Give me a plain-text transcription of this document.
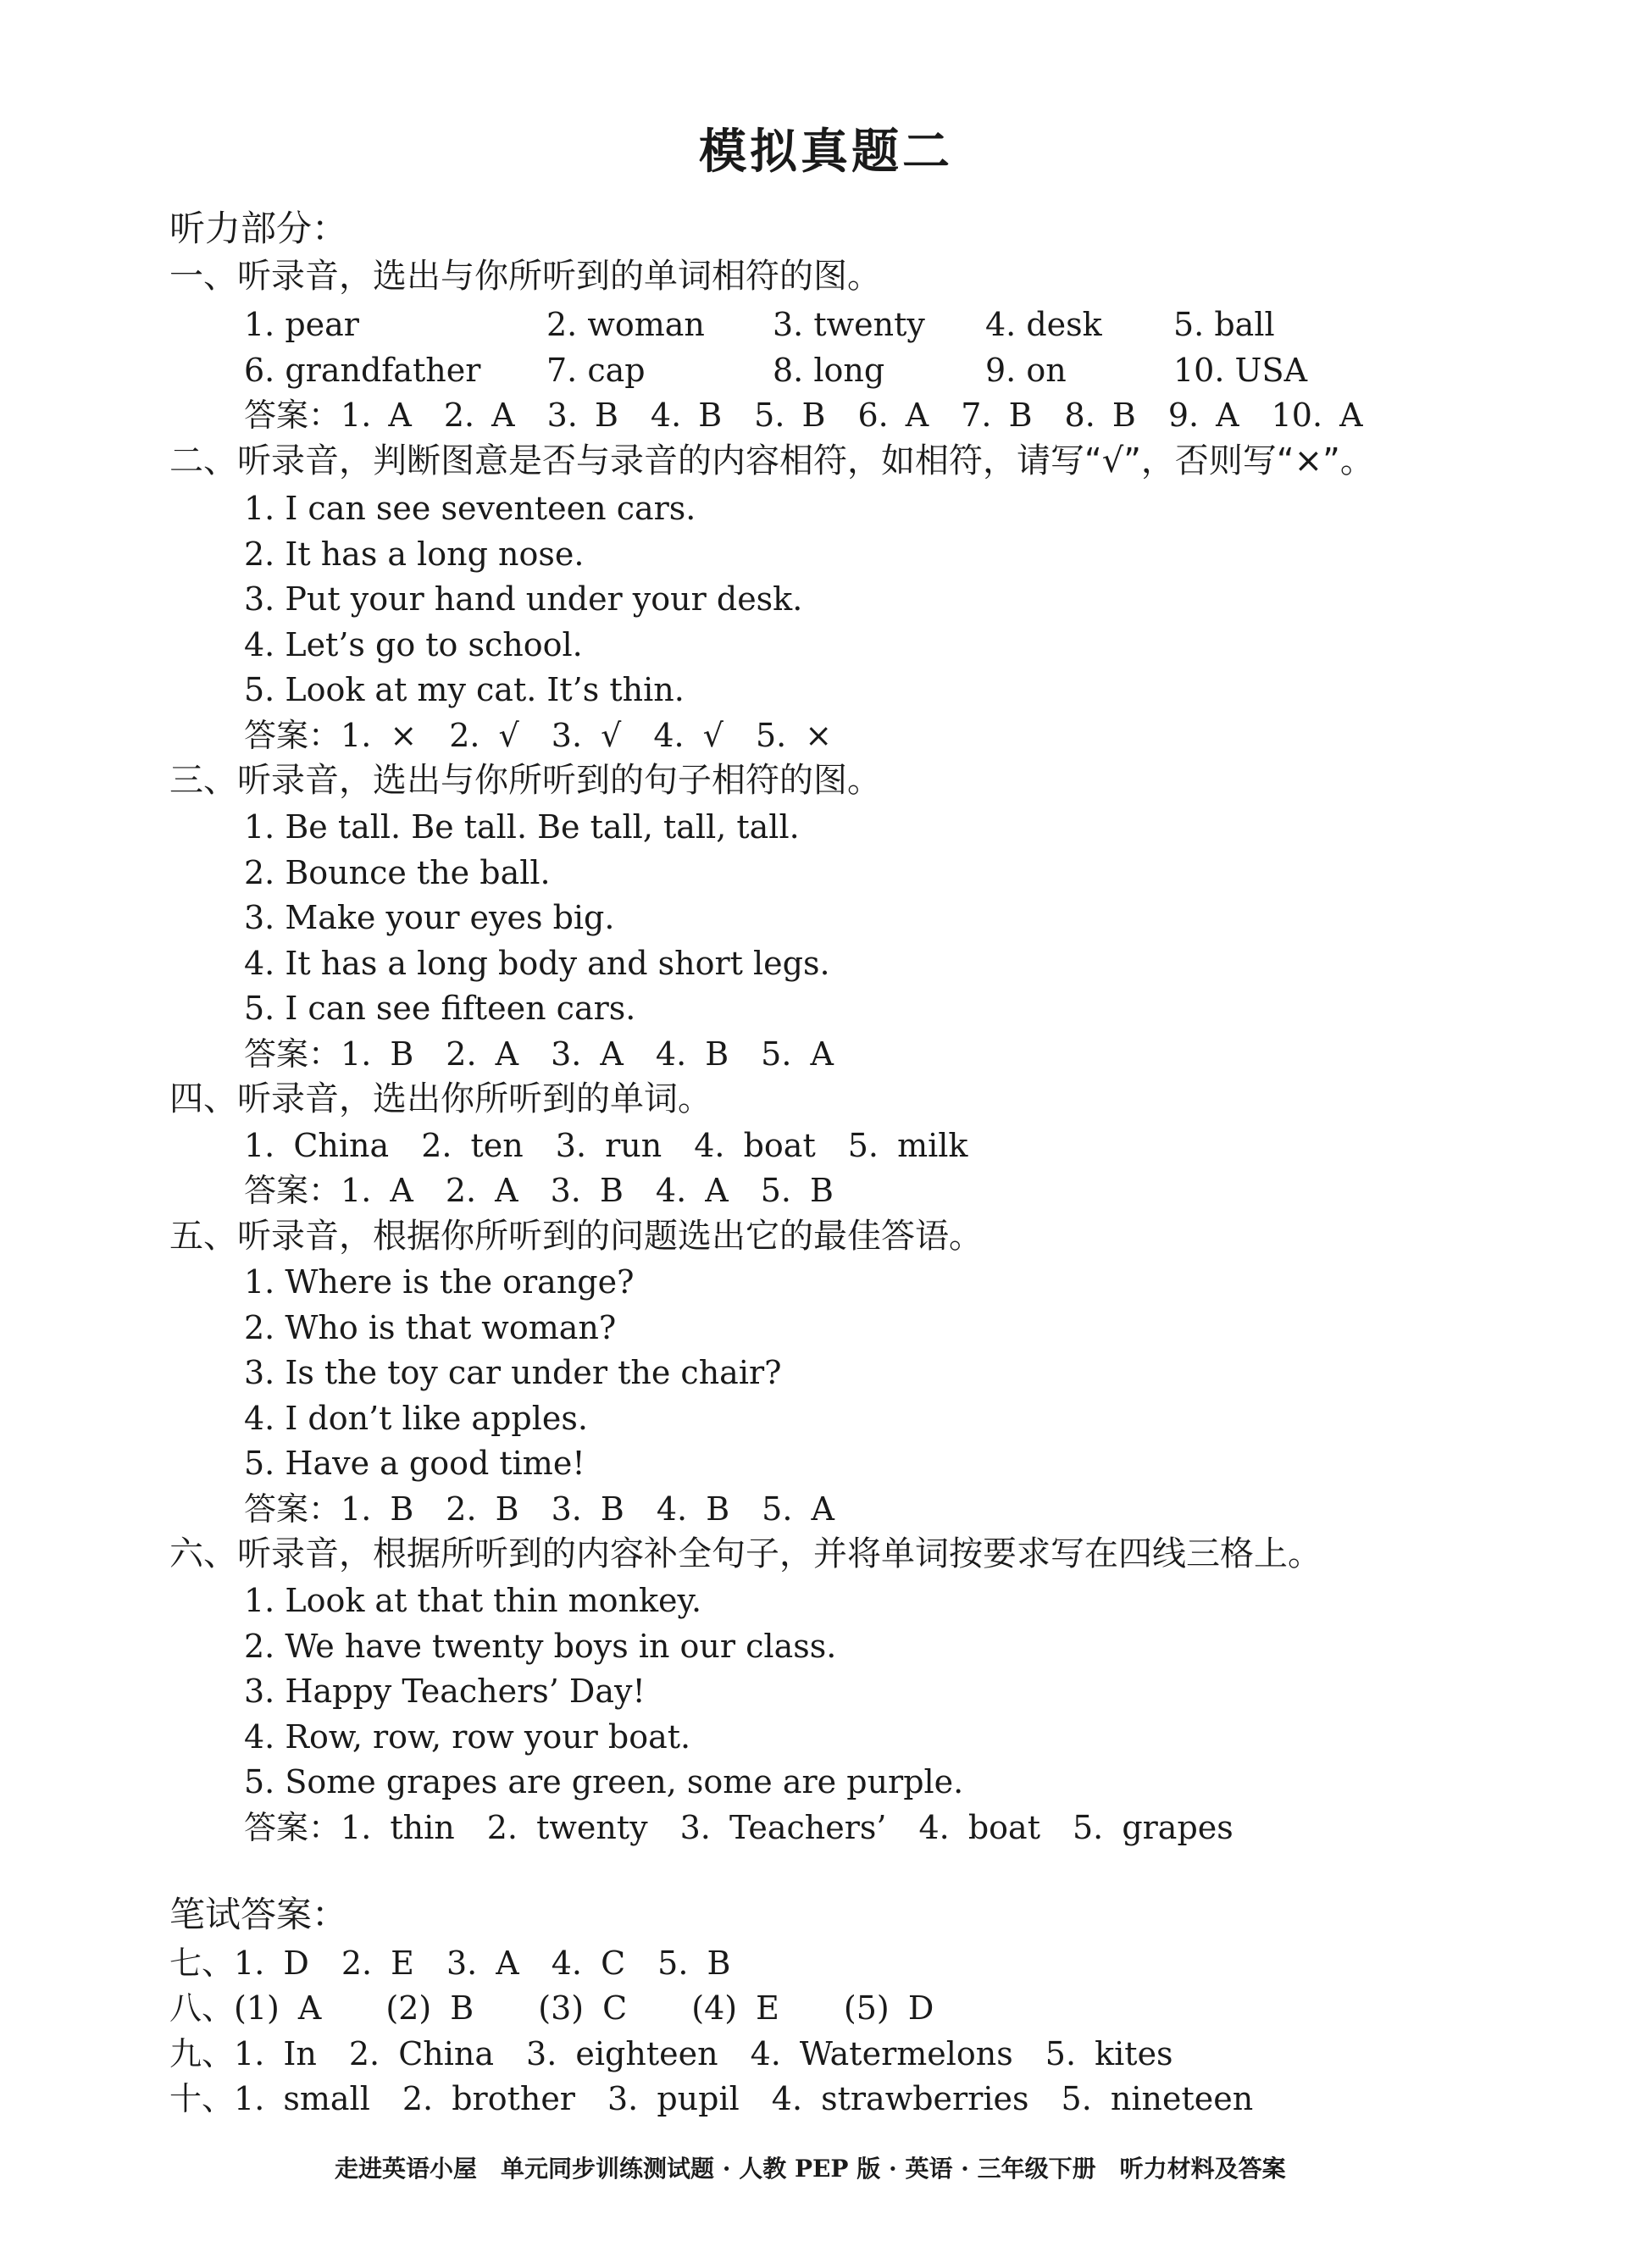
模拟真题二
听力部分：
一、听录音，选出与你所听到的单词相符的图。
1. pear	2. woman 3. twenty 4. desk 5. ball
6. grandfather 7. cap	8. long	9. on	10. USA
答案：1. A　 2. A　 3. B　 4. B　 5. B　 6. A　 7. B　 8. B　 9. A　 10. A
二、听录音，判断图意是否与录音的内容相符，如相符，请写“√”，否则写“×”。
1. I can see seventeen cars.
2. It has a long nose.
3. Put your hand under your desk.
4. Let’s go to school.
5. Look at my cat. It’s thin.
答案：1. ×　 2. √　 3. √　 4. √　 5. ×
三、听录音，选出与你所听到的句子相符的图。
1. Be tall. Be tall. Be tall, tall, tall.
2. Bounce the ball.
3. Make your eyes big.
4. It has a long body and short legs.
5. I can see fifteen cars.
答案：1. B　 2. A　 3. A　 4. B　 5. A
四、听录音，选出你所听到的单词。
1. China　 2. ten　 3. run　 4. boat　 5. milk
答案：1. A　 2. A　 3. B　 4. A　 5. B
五、听录音，根据你所听到的问题选出它的最佳答语。
1. Where is the orange?
2. Who is that woman?
3. Is the toy car under the chair?
4. I don’t like apples.
5. Have a good time!
答案：1. B　 2. B　 3. B　 4. B　 5. A
六、听录音，根据所听到的内容补全句子，并将单词按要求写在四线三格上。
1. Look at that thin monkey.
2. We have twenty boys in our class.
3. Happy Teachers’ Day!
4. Row, row, row your boat.
5. Some grapes are green, some are purple.
答案：1. thin　 2. twenty　 3. Teachers’　 4. boat　 5. grapes
笔试答案：
七、1. D　 2. E　 3. A　 4. C　 5. B
八、(1) A　　 (2) B　　 (3) C　　 (4) E　　 (5) D
九、1. In　 2. China　 3. eighteen　 4. Watermelons　 5. kites
十、1. small　 2. brother　 3. pupil　 4. strawberries　 5. nineteen
走进英语小屋　单元同步训练测试题 · 人教 PEP 版 · 英语 · 三年级下册　听力材料及答案
